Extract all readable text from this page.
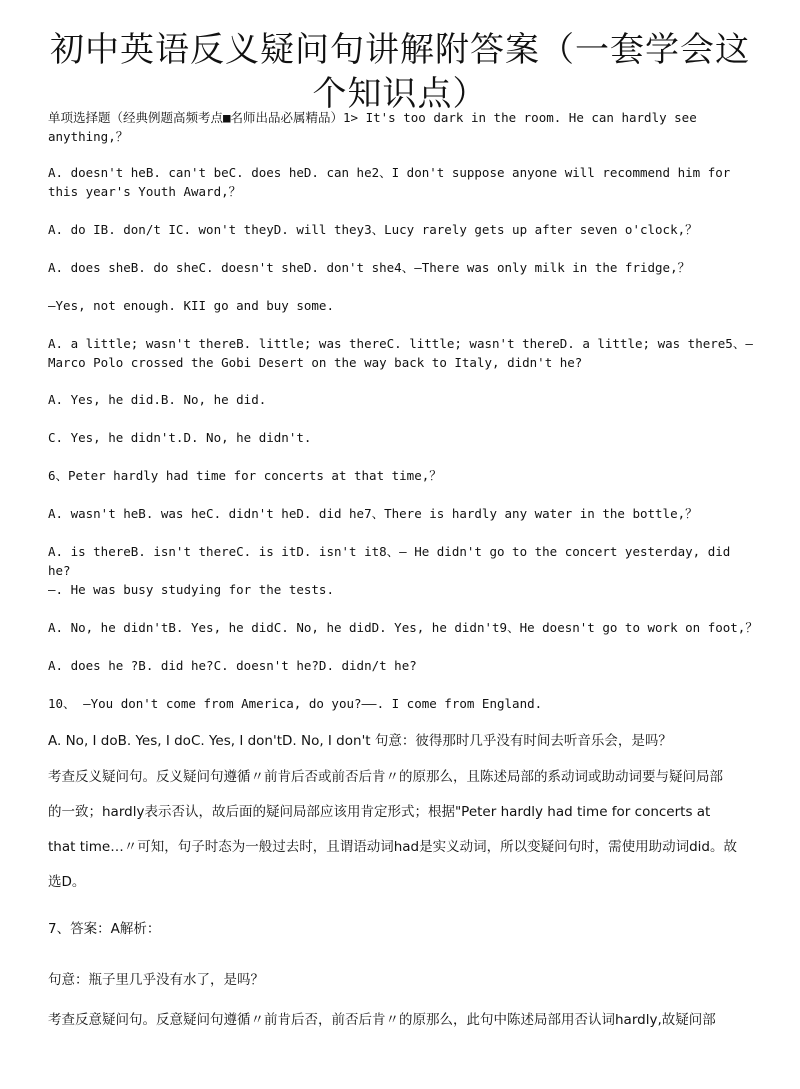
初中英语反义疑问句讲解附答案（一套学会这个知识点）
单项选择题（经典例题高频考点■名师出品必属精品）1> It's too dark in the room. He can hardly see anything,？
A. doesn't heB. can't beC. does heD. can he2、I don't suppose anyone will recommend him for this year's Youth Award,？
A. do IB. don/t IC. won't theyD. will they3、Lucy rarely gets up after seven o'clock,？
A. does sheB. do sheC. doesn't sheD. don't she4、—There was only milk in the fridge,？
—Yes, not enough. KII go and buy some.
A. a little; wasn't thereB. little; was thereC. little; wasn't thereD. a little; was there5、—Marco Polo crossed the Gobi Desert on the way back to Italy, didn't he?
A. Yes, he did.B. No, he did.
C. Yes, he didn't.D. No, he didn't.
6、Peter hardly had time for concerts at that time,？
A. wasn't heB. was heC. didn't heD. did he7、There is hardly any water in the bottle,？
A. is thereB. isn't thereC. is itD. isn't it8、— He didn't go to the concert yesterday, did he?
—. He was busy studying for the tests.
A. No, he didn'tB. Yes, he didC. No, he didD. Yes, he didn't9、He doesn't go to work on foot,？
A. does he ?B. did he?C. doesn't he?D. didn/t he?
10、 —You don't come from America, do you?——. I come from England.
A. No, I doB. Yes, I doC. Yes, I don'tD. No, I don't 句意：彼得那时几乎没有时间去听音乐会，是吗？
考查反义疑问句。反义疑问句遵循〃前肯后否或前否后肯〃的原那么，且陈述局部的系动词或助动词要与疑问局部
的一致；hardly表示否认，故后面的疑问局部应该用肯定形式；根据"Peter hardly had time for concerts at
that time…〃可知，句子时态为一般过去时，且谓语动词had是实义动词，所以变疑问句时，需使用助动词did。故
选D。
7、答案：A解析：
句意：瓶子里几乎没有水了，是吗？
考查反意疑问句。反意疑问句遵循〃前肯后否，前否后肯〃的原那么，此句中陈述局部用否认词hardly,故疑问部
